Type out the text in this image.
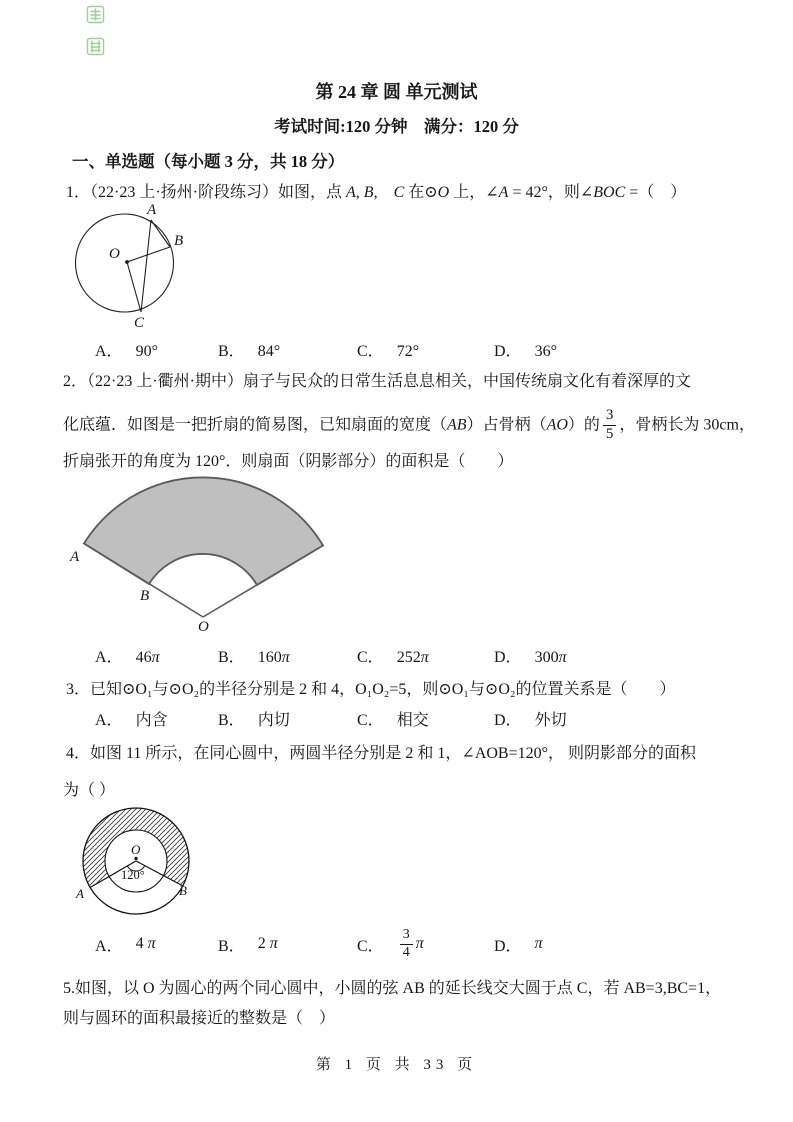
第 24 章 圆 单元测试
考试时间:120 分钟　满分：120 分
一、单选题（每小题 3 分，共 18 分）
1．（22·23 上·扬州·阶段练习）如图，点 A, B,　C 在⊙O 上，∠A = 42°，则∠BOC =（　）
O
A
B
C
A． 90°	B． 84°	C． 72°	D． 36°
2．（22·23 上·衢州·期中）扇子与民众的日常生活息息相关，中国传统扇文化有着深厚的文
化底蕴．如图是一把折扇的简易图，已知扇面的宽度（AB）占骨柄（AO）的 $\frac{3}{5}$ ，骨柄长为 30cm，
折扇张开的角度为 120°．则扇面（阴影部分）的面积是（　　）
A
B
O
A． 46π	B． 160π	C． 252π	D． 300π
3．已知⊙O₁与⊙O₂的半径分别是 2 和 4，O₁O₂=5，则⊙O₁与⊙O₂的位置关系是（　　）
A． 内含	B． 内切	C． 相交	D． 外切
4．如图 11 所示，在同心圆中，两圆半径分别是 2 和 1，∠AOB=120°， 则阴影部分的面积
为（ ）
O
120°
A	B
A． 4 π	B． 2 π	C． $\frac{3}{4}$ π	D． π
5.如图，以 O 为圆心的两个同心圆中，小圆的弦 AB 的延长线交大圆于点 C，若 AB=3,BC=1，
则与圆环的面积最接近的整数是（　）
第 1 页 共 33 页
